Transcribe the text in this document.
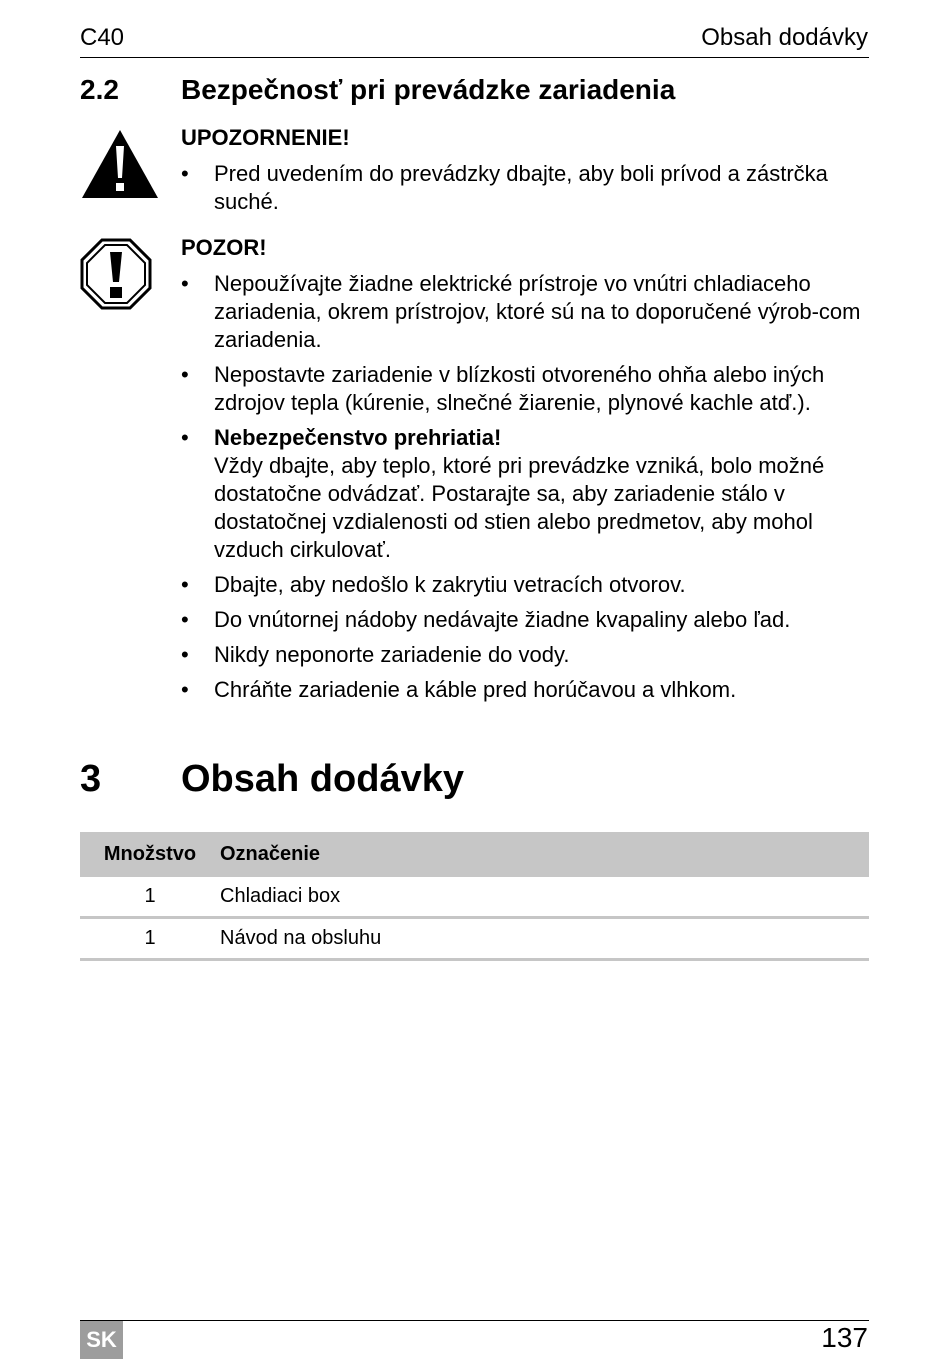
C40	Obsah dodávky
2.2 Bezpečnosť pri prevádzke zariadenia
UPOZORNENIE!
• Pred uvedením do prevádzky dbajte, aby boli prívod a zástrčka suché.
POZOR!
• Nepoužívajte žiadne elektrické prístroje vo vnútri chladiaceho zariadenia, okrem prístrojov, ktoré sú na to doporučené výrob-com zariadenia.
• Nepostavte zariadenie v blízkosti otvoreného ohňa alebo iných zdrojov tepla (kúrenie, slnečné žiarenie, plynové kachle atď.).
• Nebezpečenstvo prehriatia!
Vždy dbajte, aby teplo, ktoré pri prevádzke vzniká, bolo možné dostatočne odvádzať. Postarajte sa, aby zariadenie stálo v dostatočnej vzdialenosti od stien alebo predmetov, aby mohol vzduch cirkulovať.
• Dbajte, aby nedošlo k zakrytiu vetracích otvorov.
• Do vnútornej nádoby nedávajte žiadne kvapaliny alebo ľad.
• Nikdy neponorte zariadenie do vody.
• Chráňte zariadenie a káble pred horúčavou a vlhkom.
3 Obsah dodávky
Množstvo	Označenie
1	Chladiaci box
1	Návod na obsluhu
SK	137
